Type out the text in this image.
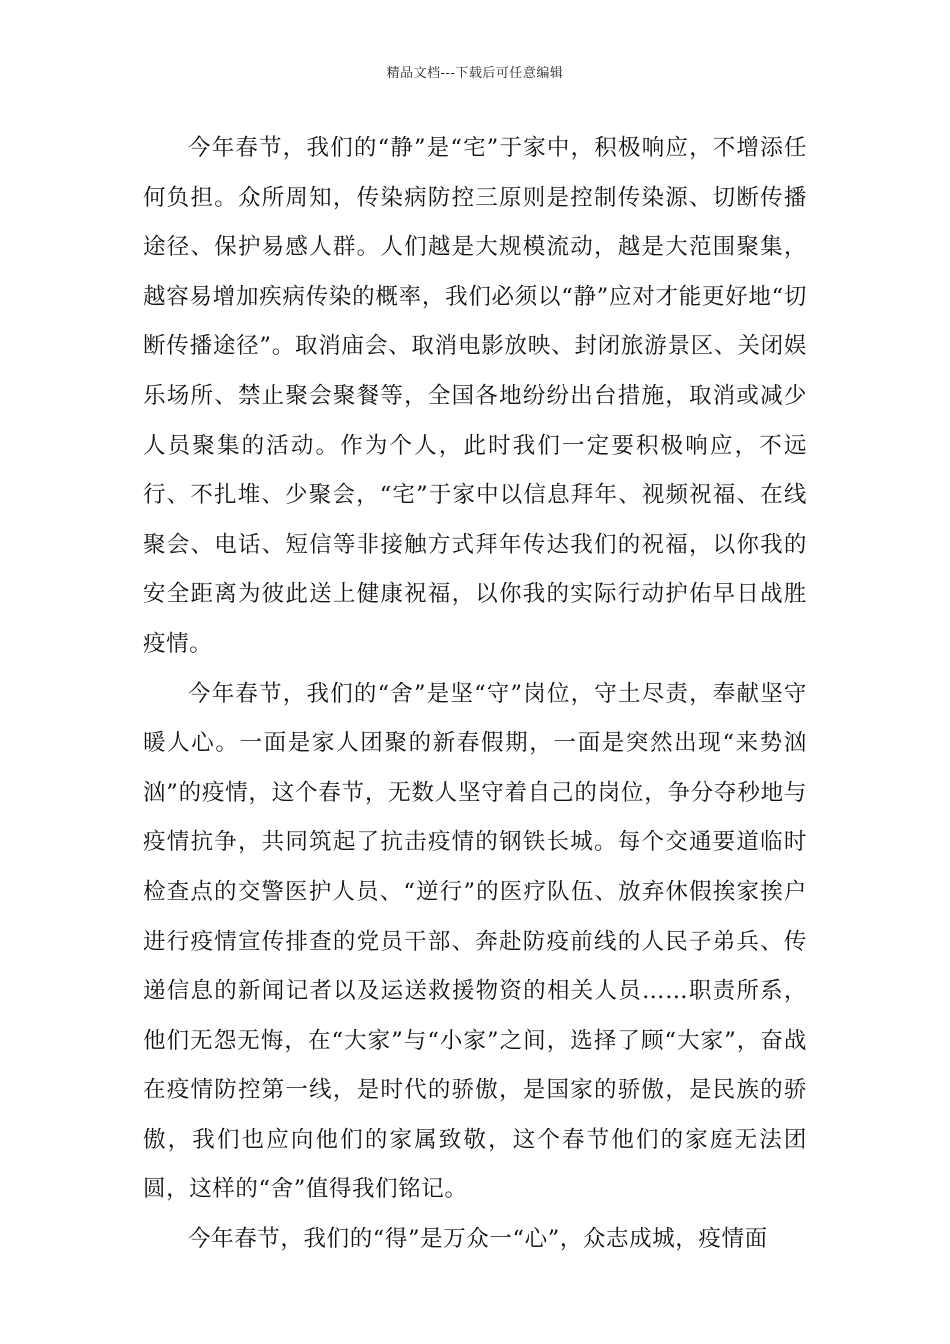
精品文档---下载后可任意编辑

今年春节，我们的“静”是“宅”于家中，积极响应，不增添任何负担。众所周知，传染病防控三原则是控制传染源、切断传播途径、保护易感人群。人们越是大规模流动，越是大范围聚集，越容易增加疾病传染的概率，我们必须以“静”应对才能更好地“切断传播途径”。取消庙会、取消电影放映、封闭旅游景区、关闭娱乐场所、禁止聚会聚餐等，全国各地纷纷出台措施，取消或减少人员聚集的活动。作为个人，此时我们一定要积极响应，不远行、不扎堆、少聚会，“宅”于家中以信息拜年、视频祝福、在线聚会、电话、短信等非接触方式拜年传达我们的祝福，以你我的安全距离为彼此送上健康祝福，以你我的实际行动护佑早日战胜疫情。

今年春节，我们的“舍”是坚“守”岗位，守土尽责，奉献坚守暖人心。一面是家人团聚的新春假期，一面是突然出现“来势汹汹”的疫情，这个春节，无数人坚守着自己的岗位，争分夺秒地与疫情抗争，共同筑起了抗击疫情的钢铁长城。每个交通要道临时检查点的交警医护人员、“逆行”的医疗队伍、放弃休假挨家挨户进行疫情宣传排查的党员干部、奔赴防疫前线的人民子弟兵、传递信息的新闻记者以及运送救援物资的相关人员……职责所系，他们无怨无悔，在“大家”与“小家”之间，选择了顾“大家”，奋战在疫情防控第一线，是时代的骄傲，是国家的骄傲，是民族的骄傲，我们也应向他们的家属致敬，这个春节他们的家庭无法团圆，这样的“舍”值得我们铭记。

今年春节，我们的“得”是万众一“心”，众志成城，疫情面
